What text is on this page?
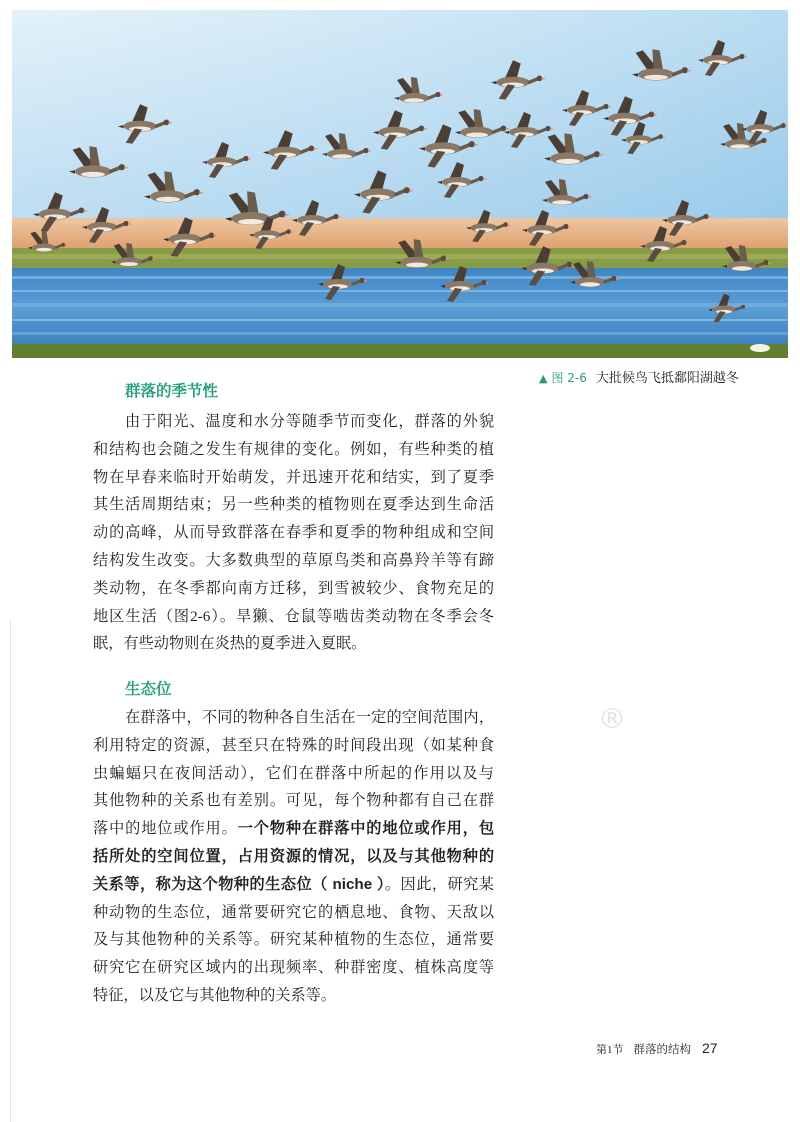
▲ 图 2-6 大批候鸟飞抵鄱阳湖越冬
群落的季节性
由于阳光、温度和水分等随季节而变化，群落的外貌
和结构也会随之发生有规律的变化。例如，有些种类的植
物在早春来临时开始萌发，并迅速开花和结实，到了夏季
其生活周期结束；另一些种类的植物则在夏季达到生命活
动的高峰，从而导致群落在春季和夏季的物种组成和空间
结构发生改变。大多数典型的草原鸟类和高鼻羚羊等有蹄
类动物，在冬季都向南方迁移，到雪被较少、食物充足的
地区生活（图2-6）。旱獭、仓鼠等啮齿类动物在冬季会冬
眠，有些动物则在炎热的夏季进入夏眠。
生态位
在群落中，不同的物种各自生活在一定的空间范围内，
利用特定的资源，甚至只在特殊的时间段出现（如某种食
虫蝙蝠只在夜间活动），它们在群落中所起的作用以及与
其他物种的关系也有差别。可见，每个物种都有自己在群
落中的地位或作用。一个物种在群落中的地位或作用，包
括所处的空间位置，占用资源的情况，以及与其他物种的
关系等，称为这个物种的生态位（ niche ）。因此，研究某
种动物的生态位，通常要研究它的栖息地、食物、天敌以
及与其他物种的关系等。研究某种植物的生态位，通常要
研究它在研究区域内的出现频率、种群密度、植株高度等
特征，以及它与其他物种的关系等。
®
第1节 群落的结构 27
